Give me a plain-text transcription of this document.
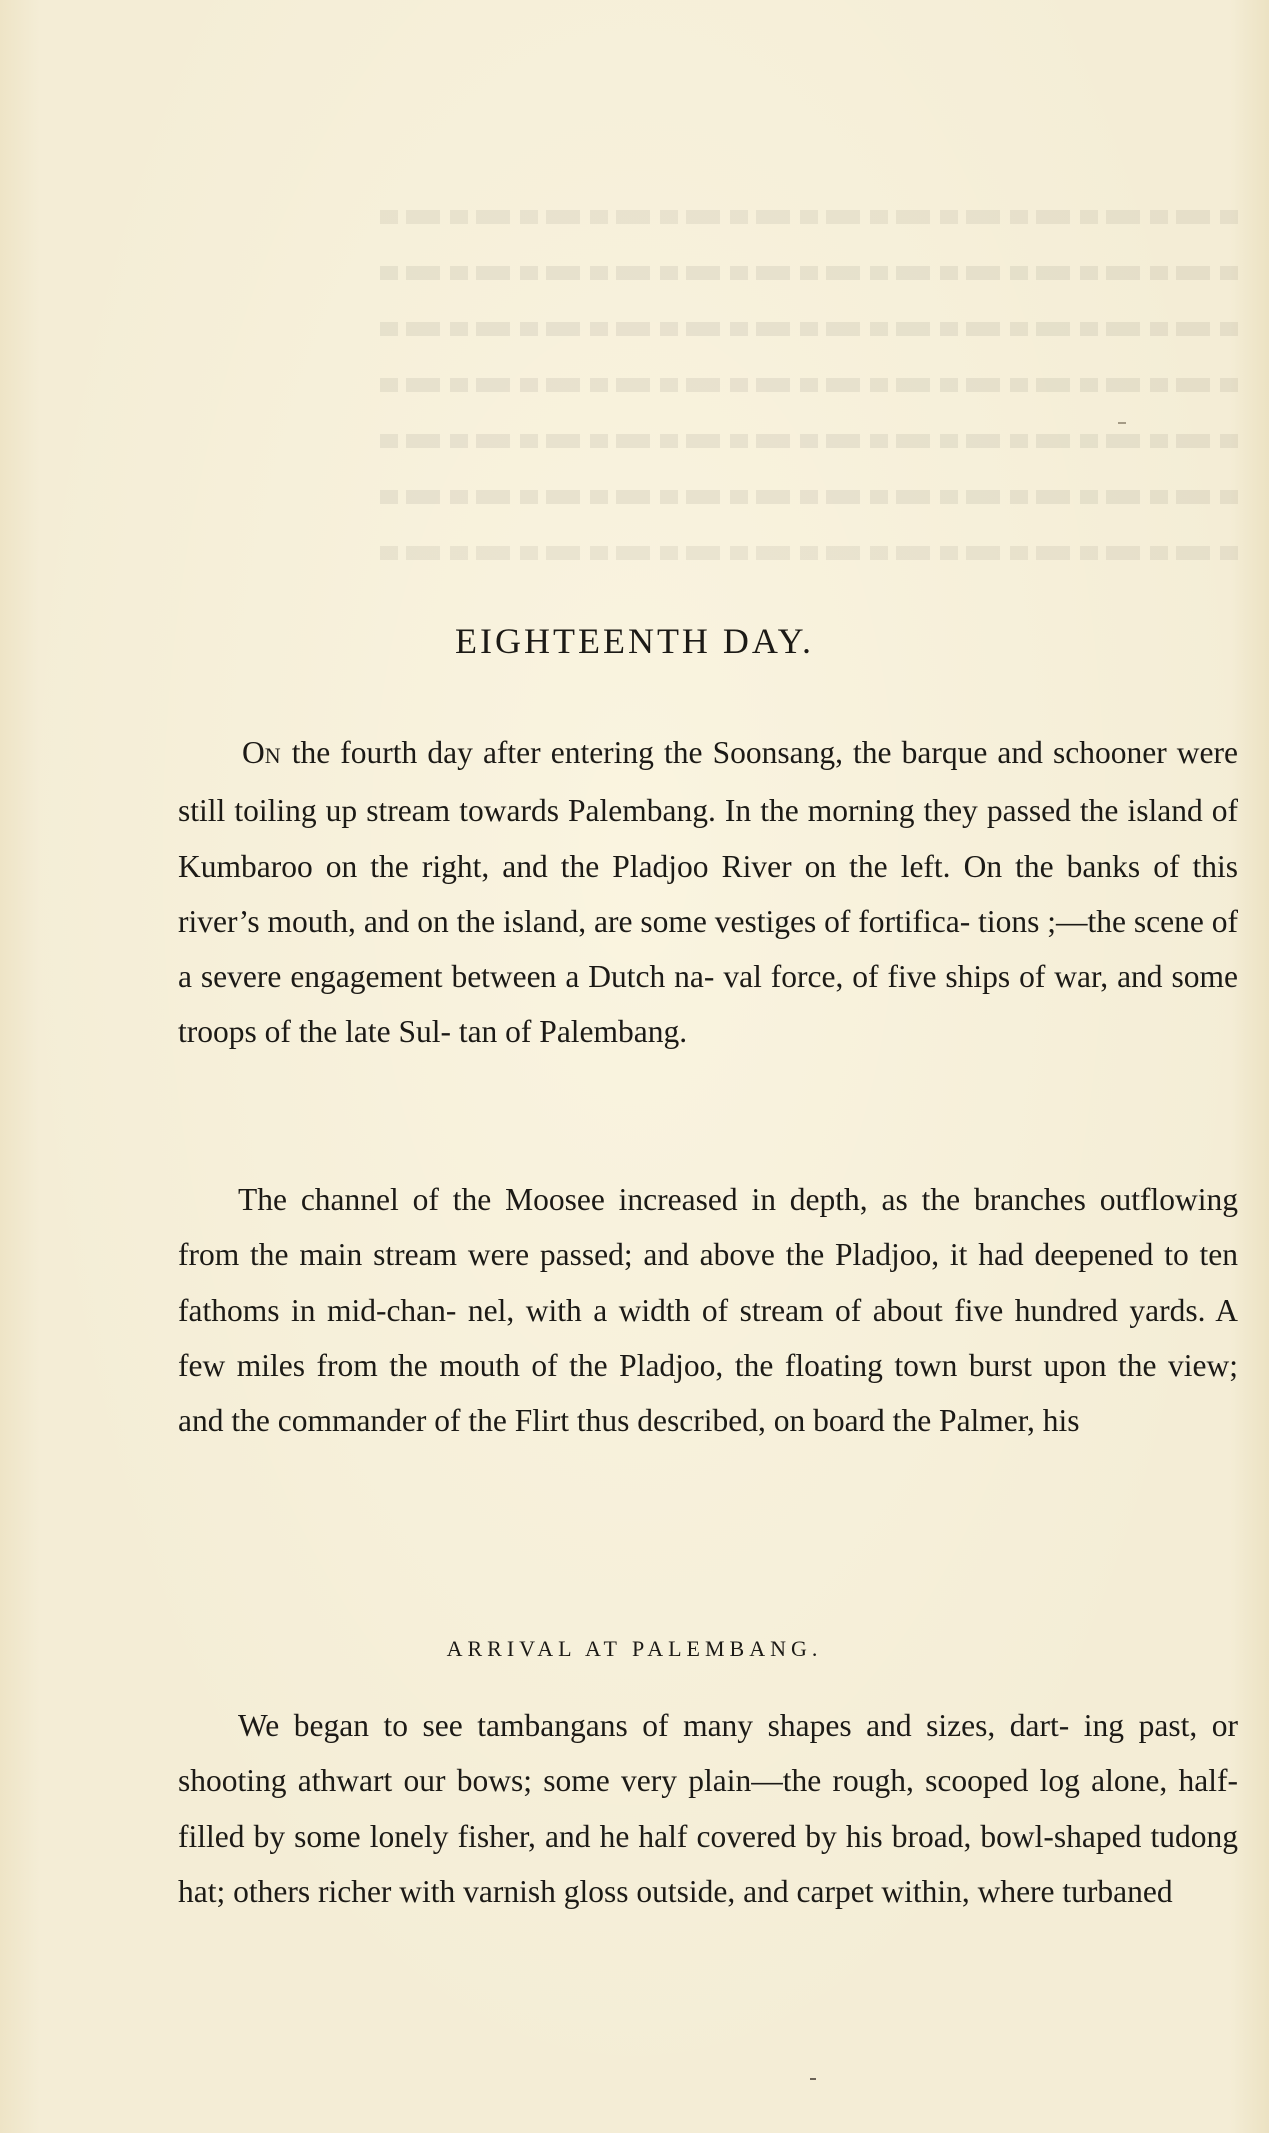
EIGHTEENTH DAY.

ON the fourth day after entering the Soonsang, the barque and schooner were still toiling up stream towards Palembang. In the morning they passed the island of Kumbaroo on the right, and the Pladjoo River on the left. On the banks of this river’s mouth, and on the island, are some vestiges of fortifica- tions ;—the scene of a severe engagement between a Dutch na- val force, of five ships of war, and some troops of the late Sul- tan of Palembang.

The channel of the Moosee increased in depth, as the branches outflowing from the main stream were passed; and above the Pladjoo, it had deepened to ten fathoms in mid-chan- nel, with a width of stream of about five hundred yards. A few miles from the mouth of the Pladjoo, the floating town burst upon the view; and the commander of the Flirt thus described, on board the Palmer, his

ARRIVAL AT PALEMBANG.

We began to see tambangans of many shapes and sizes, dart- ing past, or shooting athwart our bows; some very plain—the rough, scooped log alone, half-filled by some lonely fisher, and he half covered by his broad, bowl-shaped tudong hat; others richer with varnish gloss outside, and carpet within, where turbaned
